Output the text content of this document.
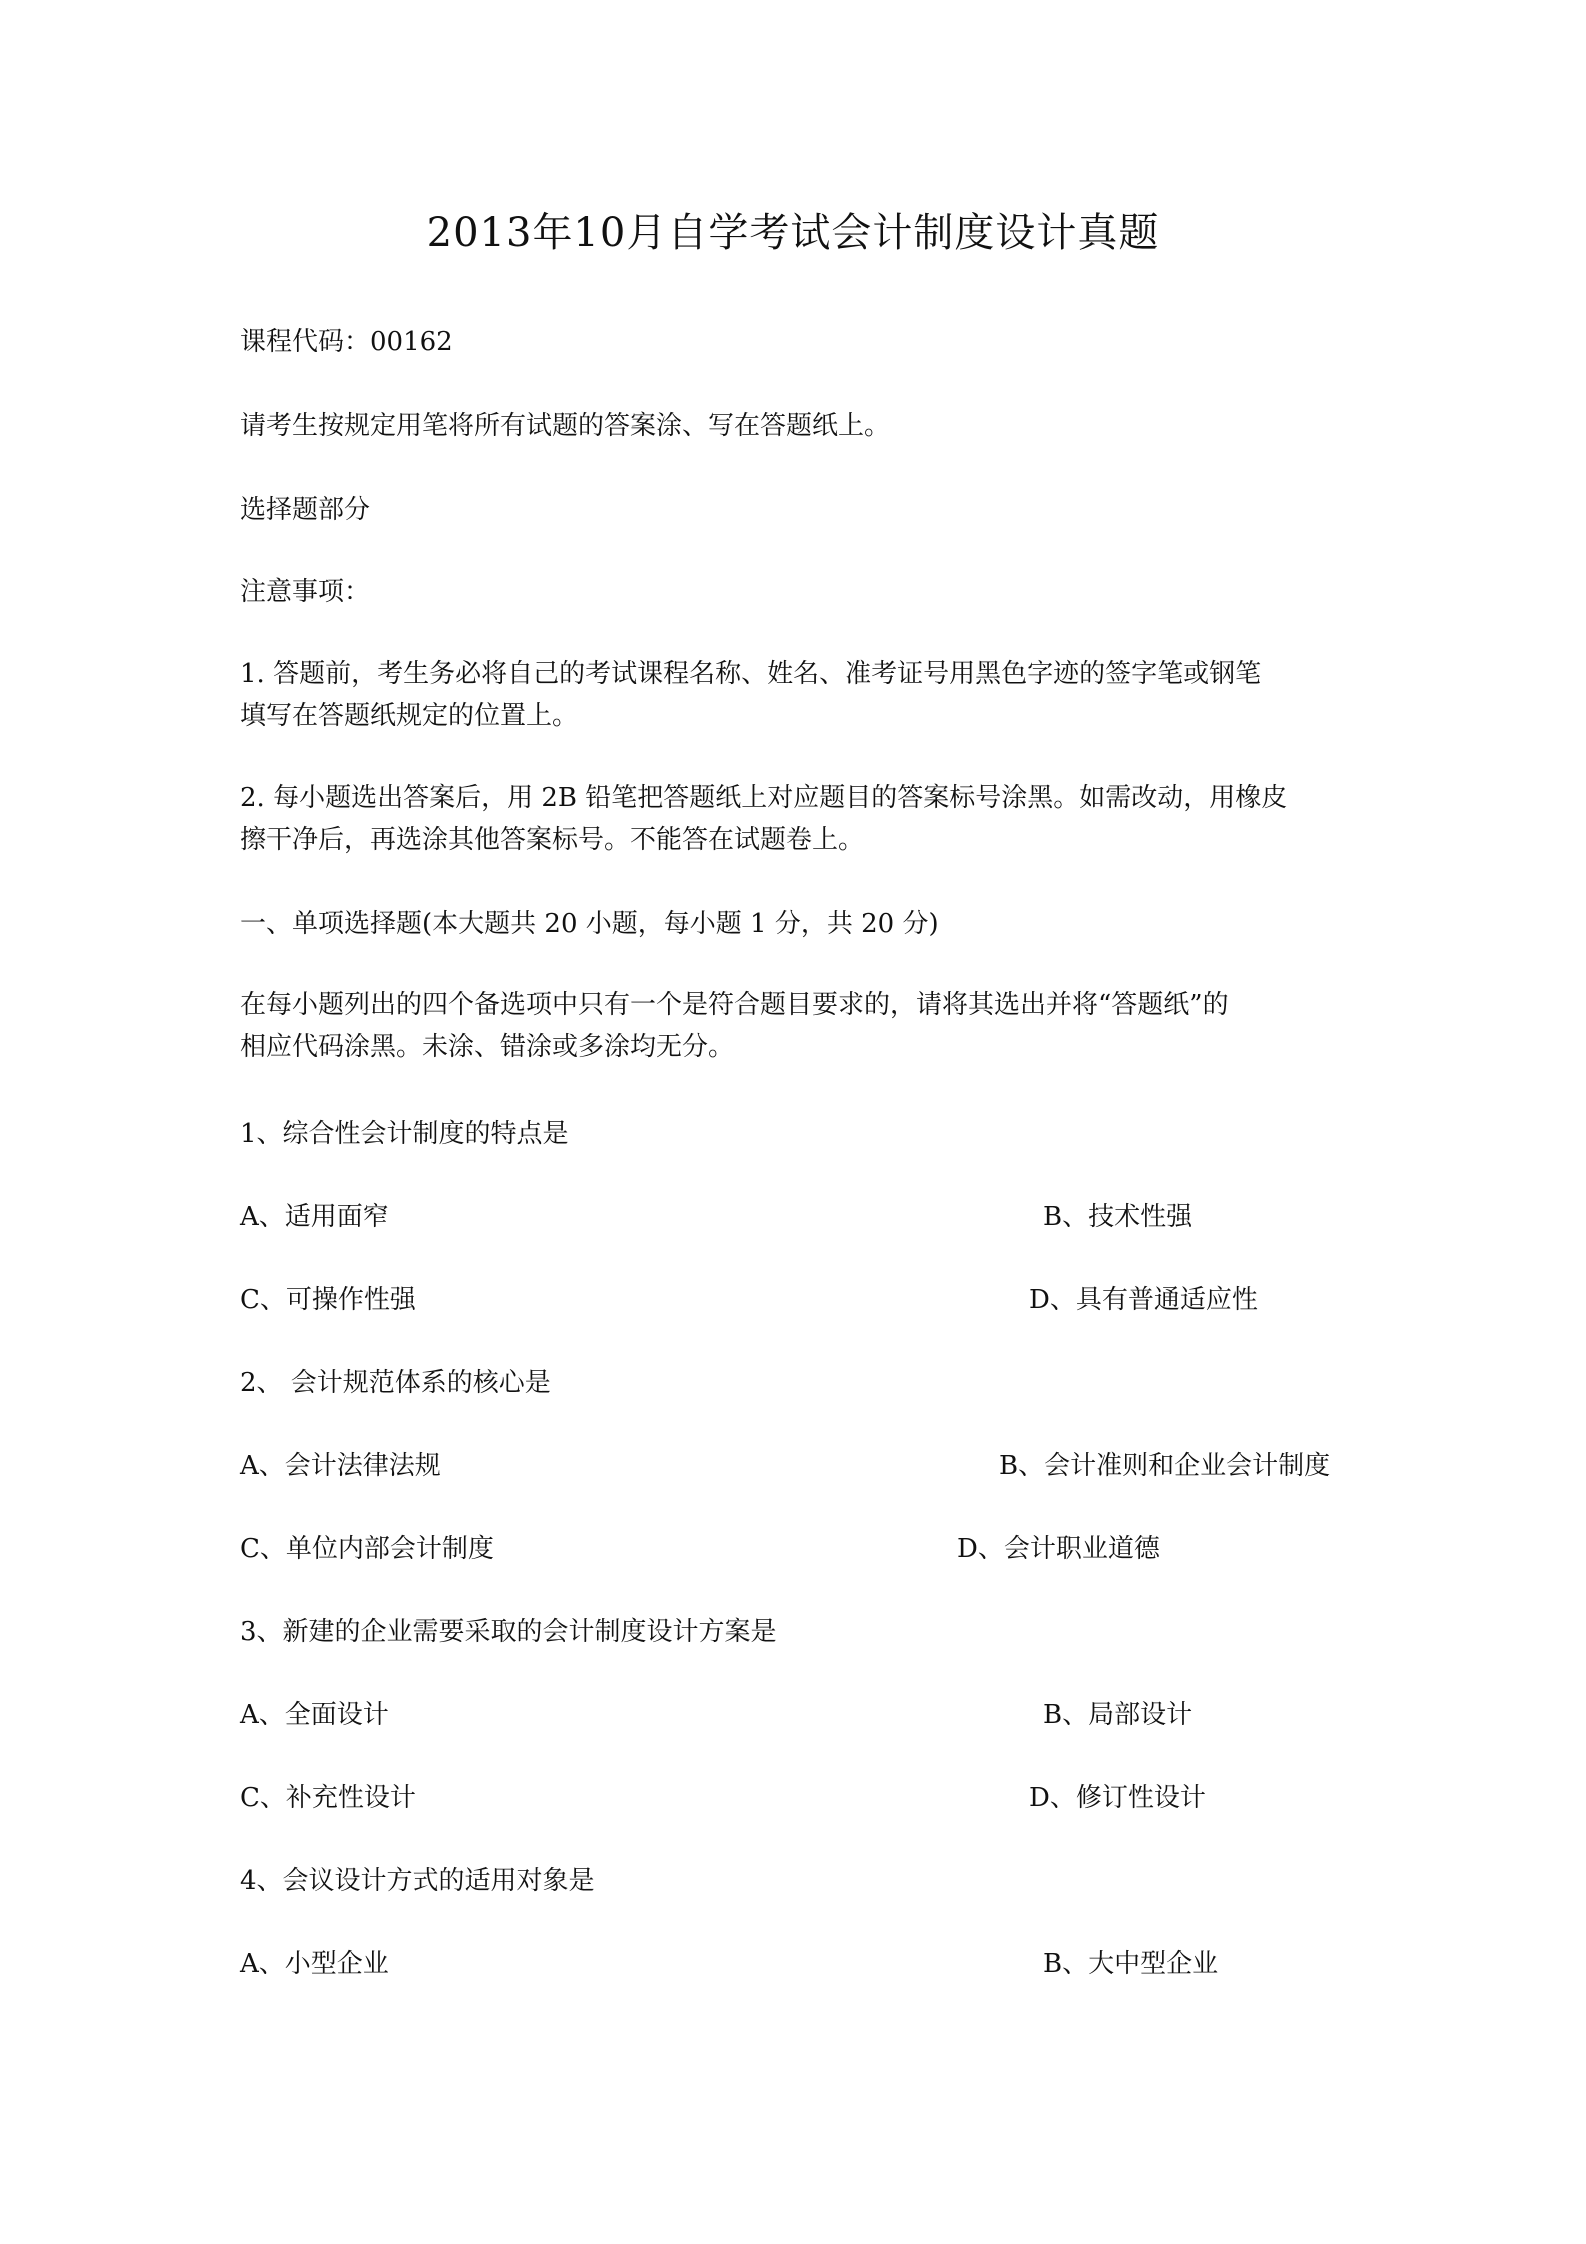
2013年10月自学考试会计制度设计真题
课程代码：00162
请考生按规定用笔将所有试题的答案涂、写在答题纸上。
选择题部分
注意事项：
1. 答题前，考生务必将自己的考试课程名称、姓名、准考证号用黑色字迹的签字笔或钢笔
填写在答题纸规定的位置上。
2. 每小题选出答案后，用 2B 铅笔把答题纸上对应题目的答案标号涂黑。如需改动，用橡皮
擦干净后，再选涂其他答案标号。不能答在试题卷上。
一、单项选择题(本大题共 20 小题，每小题 1 分，共 20 分)
在每小题列出的四个备选项中只有一个是符合题目要求的，请将其选出并将“答题纸”的
相应代码涂黑。未涂、错涂或多涂均无分。
1、综合性会计制度的特点是
A、适用面窄	B、技术性强
C、可操作性强	D、具有普通适应性
2、 会计规范体系的核心是
A、会计法律法规	B、会计准则和企业会计制度
C、单位内部会计制度	D、会计职业道德
3、新建的企业需要采取的会计制度设计方案是
A、全面设计	B、局部设计
C、补充性设计	D、修订性设计
4、会议设计方式的适用对象是
A、小型企业	B、大中型企业
